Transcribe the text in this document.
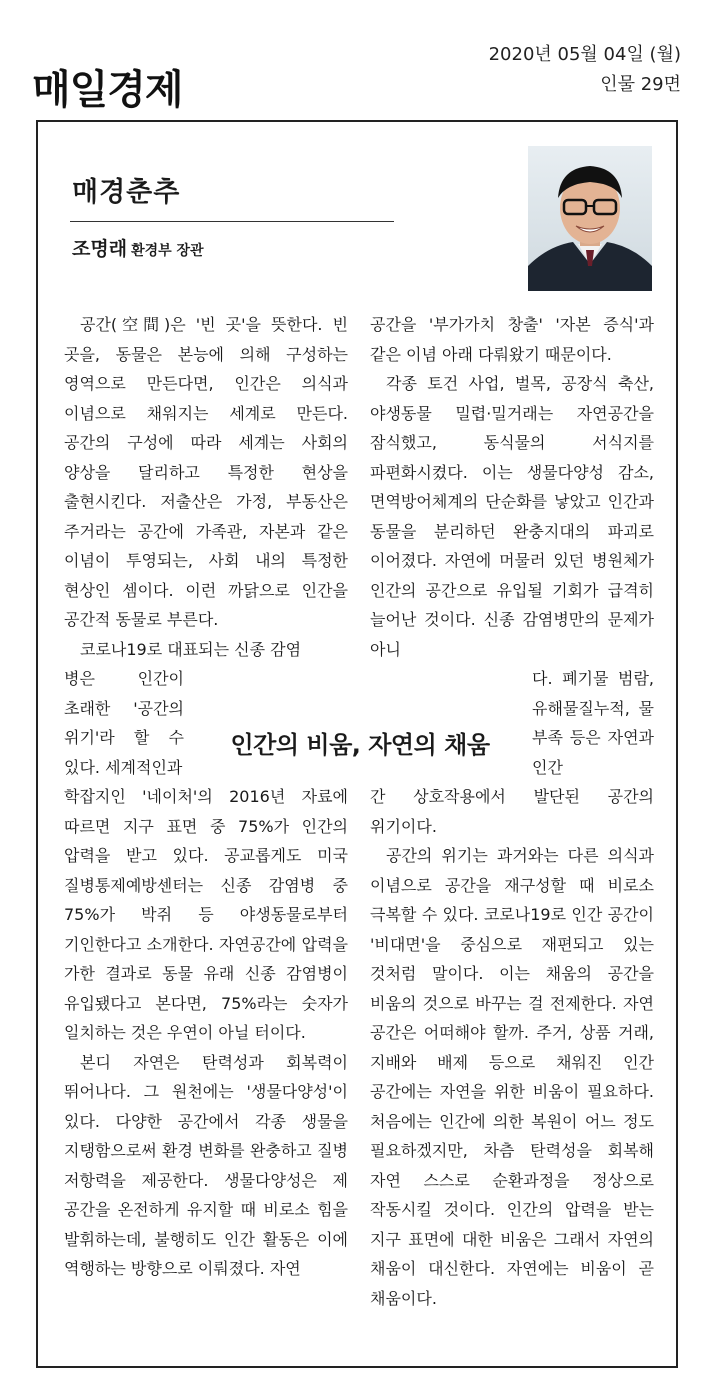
매일경제
2020년 05월 04일 (월)
인물 29면
매경춘추
조명래 환경부 장관

공간(空間)은 '빈 곳'을 뜻한다. 빈 곳을, 동물은 본능에 의해 구성하는 영역으로 만든다면, 인간은 의식과 이념으로 채워지는 세계로 만든다. 공간의 구성에 따라 세계는 사회의 양상을 달리하고 특정한 현상을 출현시킨다. 저출산은 가정, 부동산은 주거라는 공간에 가족관, 자본과 같은 이념이 투영되는, 사회 내의 특정한 현상인 셈이다. 이런 까닭으로 인간을 공간적 동물로 부른다.

코로나19로 대표되는 신종 감염

병은 인간이 초래한 '공간의 위기'라 할 수 있다. 세계적인과

학잡지인 '네이처'의 2016년 자료에 따르면 지구 표면 중 75%가 인간의 압력을 받고 있다. 공교롭게도 미국 질병통제예방센터는 신종 감염병 중 75%가 박쥐 등 야생동물로부터 기인한다고 소개한다. 자연공간에 압력을 가한 결과로 동물 유래 신종 감염병이 유입됐다고 본다면, 75%라는 숫자가 일치하는 것은 우연이 아닐 터이다.

본디 자연은 탄력성과 회복력이 뛰어나다. 그 원천에는 '생물다양성'이 있다. 다양한 공간에서 각종 생물을 지탱함으로써 환경 변화를 완충하고 질병 저항력을 제공한다. 생물다양성은 제 공간을 온전하게 유지할 때 비로소 힘을 발휘하는데, 불행히도 인간 활동은 이에 역행하는 방향으로 이뤄졌다. 자연

공간을 '부가가치 창출' '자본 증식'과 같은 이념 아래 다뤄왔기 때문이다.

각종 토건 사업, 벌목, 공장식 축산, 야생동물 밀렵·밀거래는 자연공간을 잠식했고, 동식물의 서식지를 파편화시켰다. 이는 생물다양성 감소, 면역방어체계의 단순화를 낳았고 인간과 동물을 분리하던 완충지대의 파괴로 이어졌다. 자연에 머물러 있던 병원체가 인간의 공간으로 유입될 기회가 급격히 늘어난 것이다. 신종 감염병만의 문제가 아니

다. 폐기물 범람, 유해물질누적, 물 부족 등은 자연과 인간

간 상호작용에서 발단된 공간의 위기이다.

공간의 위기는 과거와는 다른 의식과 이념으로 공간을 재구성할 때 비로소 극복할 수 있다. 코로나19로 인간 공간이 '비대면'을 중심으로 재편되고 있는 것처럼 말이다. 이는 채움의 공간을 비움의 것으로 바꾸는 걸 전제한다. 자연 공간은 어떠해야 할까. 주거, 상품 거래, 지배와 배제 등으로 채워진 인간 공간에는 자연을 위한 비움이 필요하다. 처음에는 인간에 의한 복원이 어느 정도 필요하겠지만, 차츰 탄력성을 회복해 자연 스스로 순환과정을 정상으로 작동시킬 것이다. 인간의 압력을 받는 지구 표면에 대한 비움은 그래서 자연의 채움이 대신한다. 자연에는 비움이 곧 채움이다.

인간의 비움, 자연의 채움
